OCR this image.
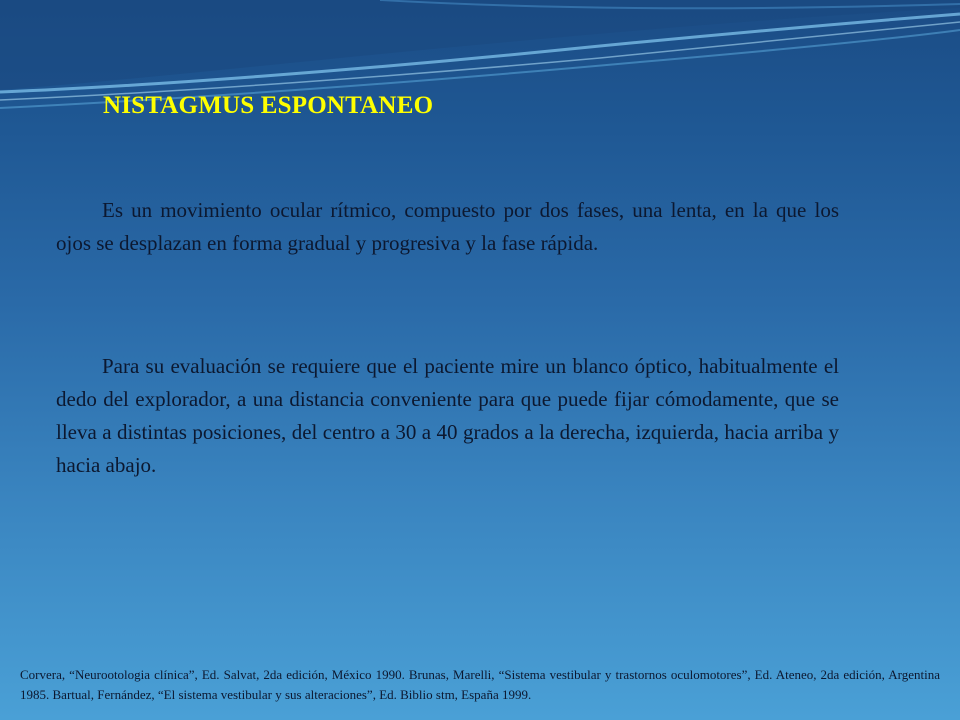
NISTAGMUS ESPONTANEO

Es un movimiento ocular rítmico, compuesto por dos fases, una lenta, en la que los ojos se desplazan en forma gradual y progresiva y la fase rápida.

Para su evaluación se requiere que el paciente mire un blanco óptico, habitualmente el dedo del explorador, a una distancia conveniente para que puede fijar cómodamente, que se lleva a distintas posiciones, del centro a 30 a 40 grados a la derecha, izquierda, hacia arriba y hacia abajo.

Corvera, “Neurootologia clínica”, Ed. Salvat, 2da edición, México 1990. Brunas, Marelli, “Sistema vestibular y trastornos oculomotores”, Ed. Ateneo, 2da edición, Argentina 1985. Bartual, Fernández, “El sistema vestibular y sus alteraciones”, Ed. Biblio stm, España 1999.
